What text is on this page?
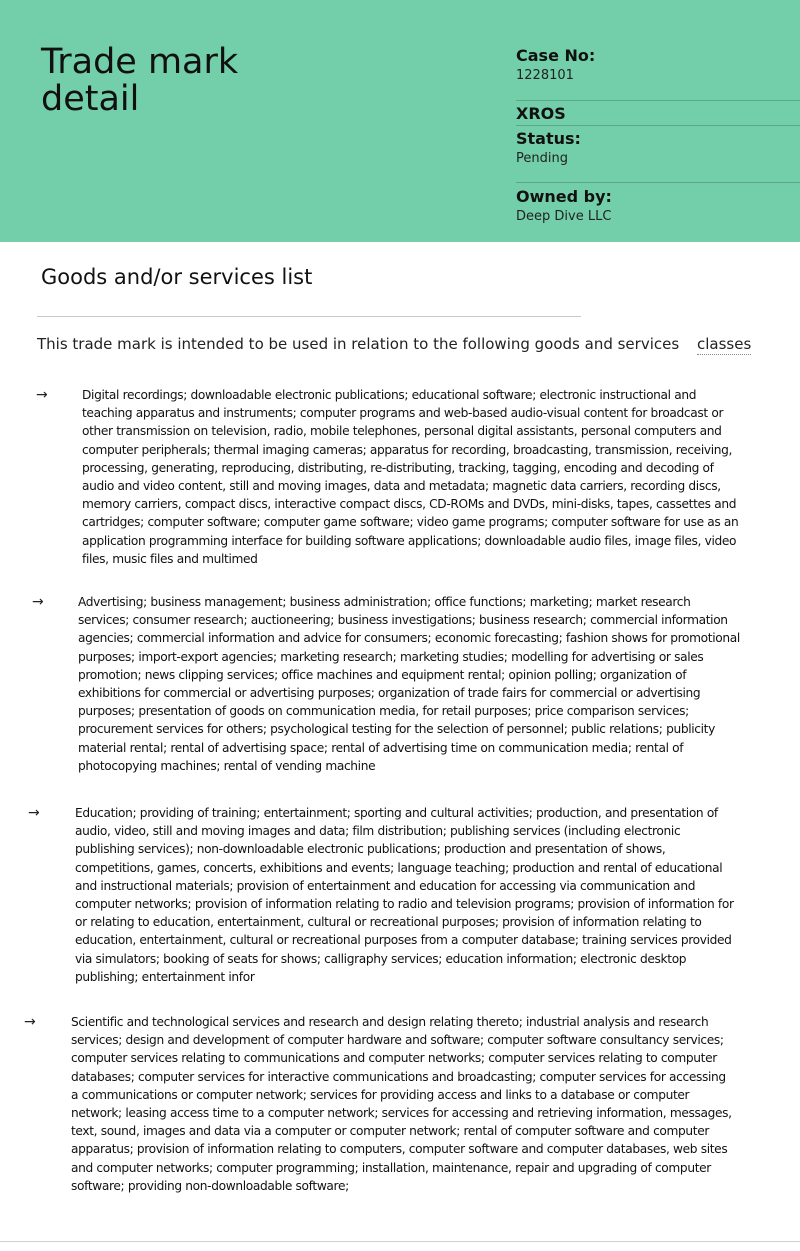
Trade mark detail
Case No:
1228101
XROS
Status:
Pending
Owned by:
Deep Dive LLC
Goods and/or services list
This trade mark is intended to be used in relation to the following goods and services classes
→	Digital recordings; downloadable electronic publications; educational software; electronic instructional and teaching apparatus and instruments; computer programs and web-based audio-visual content for broadcast or other transmission on television, radio, mobile telephones, personal digital assistants, personal computers and computer peripherals; thermal imaging cameras; apparatus for recording, broadcasting, transmission, receiving, processing, generating, reproducing, distributing, re-distributing, tracking, tagging, encoding and decoding of audio and video content, still and moving images, data and metadata; magnetic data carriers, recording discs, memory carriers, compact discs, interactive compact discs, CD-ROMs and DVDs, mini-disks, tapes, cassettes and cartridges; computer software; computer game software; video game programs; computer software for use as an application programming interface for building software applications; downloadable audio files, image files, video files, music files and multimed

→	Advertising; business management; business administration; office functions; marketing; market research services; consumer research; auctioneering; business investigations; business research; commercial information agencies; commercial information and advice for consumers; economic forecasting; fashion shows for promotional purposes; import-export agencies; marketing research; marketing studies; modelling for advertising or sales promotion; news clipping services; office machines and equipment rental; opinion polling; organization of exhibitions for commercial or advertising purposes; organization of trade fairs for commercial or advertising purposes; presentation of goods on communication media, for retail purposes; price comparison services; procurement services for others; psychological testing for the selection of personnel; public relations; publicity material rental; rental of advertising space; rental of advertising time on communication media; rental of photocopying machines; rental of vending machine

→	Education; providing of training; entertainment; sporting and cultural activities; production, and presentation of audio, video, still and moving images and data; film distribution; publishing services (including electronic publishing services); non-downloadable electronic publications; production and presentation of shows, competitions, games, concerts, exhibitions and events; language teaching; production and rental of educational and instructional materials; provision of entertainment and education for accessing via communication and computer networks; provision of information relating to radio and television programs; provision of information for or relating to education, entertainment, cultural or recreational purposes; provision of information relating to education, entertainment, cultural or recreational purposes from a computer database; training services provided via simulators; booking of seats for shows; calligraphy services; education information; electronic desktop publishing; entertainment infor

→	Scientific and technological services and research and design relating thereto; industrial analysis and research services; design and development of computer hardware and software; computer software consultancy services; computer services relating to communications and computer networks; computer services relating to computer databases; computer services for interactive communications and broadcasting; computer services for accessing a communications or computer network; services for providing access and links to a database or computer network; leasing access time to a computer network; services for accessing and retrieving information, messages, text, sound, images and data via a computer or computer network; rental of computer software and computer apparatus; provision of information relating to computers, computer software and computer databases, web sites and computer networks; computer programming; installation, maintenance, repair and upgrading of computer software; providing non-downloadable software;
